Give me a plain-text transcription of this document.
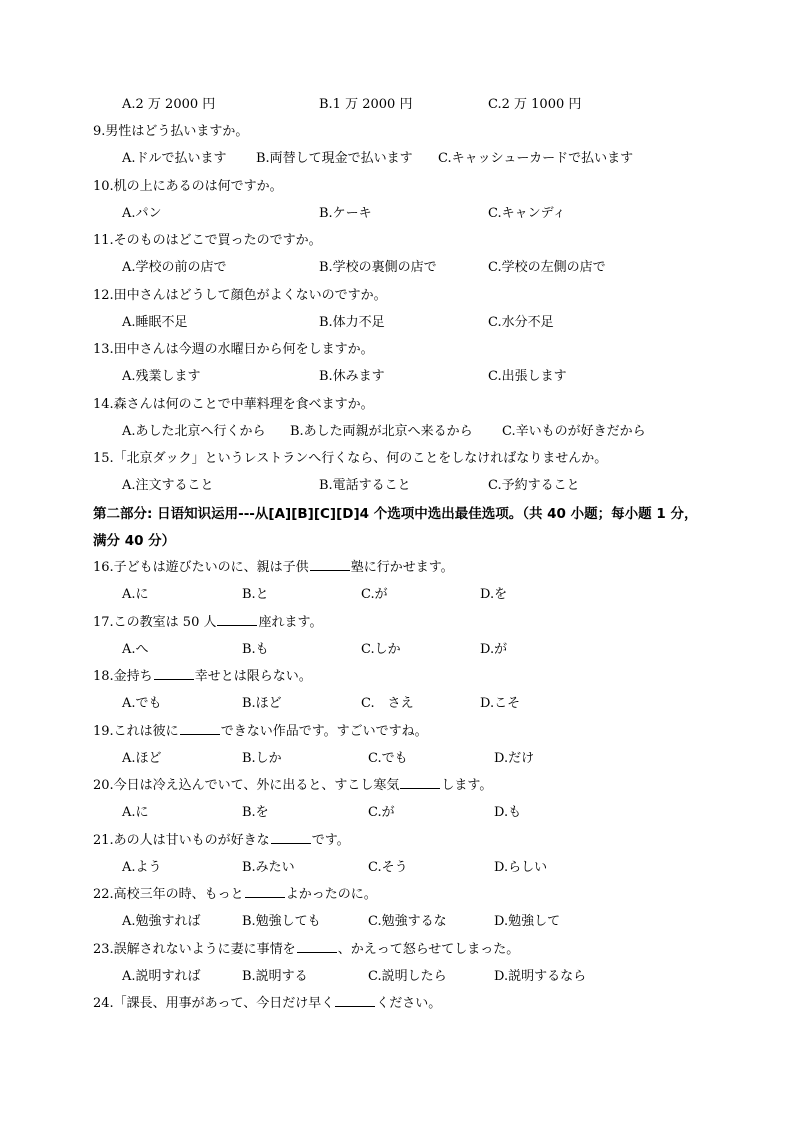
A.2 万 2000 円	B.1 万 2000 円	C.2 万 1000 円
9.男性はどう払いますか。
A.ドルで払います B.両替して現金で払います C.キャッシューカードで払います
10.机の上にあるのは何ですか。
A.パン	B.ケーキ	C.キャンディ
11.そのものはどこで買ったのですか。
A.学校の前の店で	B.学校の裏側の店で	C.学校の左側の店で
12.田中さんはどうして顔色がよくないのですか。
A.睡眠不足	B.体力不足	C.水分不足
13.田中さんは今週の水曜日から何をしますか。
A.残業します	B.休みます	C.出張します
14.森さんは何のことで中華料理を食べますか。
A.あした北京へ行くから B.あした両親が北京へ来るから C.辛いものが好きだから
15.「北京ダック」というレストランへ行くなら、何のことをしなければなりませんか。
A.注文すること	B.電話すること	C.予約すること
第二部分: 日语知识运用---从[A][B][C][D]4 个选项中选出最佳选项。（共 40 小题；每小题 1 分，
满分 40 分）
16.子どもは遊びたいのに、親は子供	塾に行かせます。
A.に	B.と	C.が	D.を
17.この教室は 50 人	座れます。
A.へ	B.も	C.しか	D.が
18.金持ち	幸せとは限らない。
A.でも	B.ほど	C.　さえ	D.こそ
19.これは彼に	できない作品です。すごいですね。
A.ほど	B.しか	C.でも	D.だけ
20.今日は冷え込んでいて、外に出ると、すこし寒気	します。
A.に	B.を	C.が	D.も
21.あの人は甘いものが好きな	です。
A.よう	B.みたい	C.そう	D.らしい
22.高校三年の時、もっと	よかったのに。
A.勉強すれば	B.勉強しても	C.勉強するな	D.勉強して
23.誤解されないように妻に事情を	、かえって怒らせてしまった。
A.説明すれば	B.説明する	C.説明したら	D.説明するなら
24.「課長、用事があって、今日だけ早く	ください。
